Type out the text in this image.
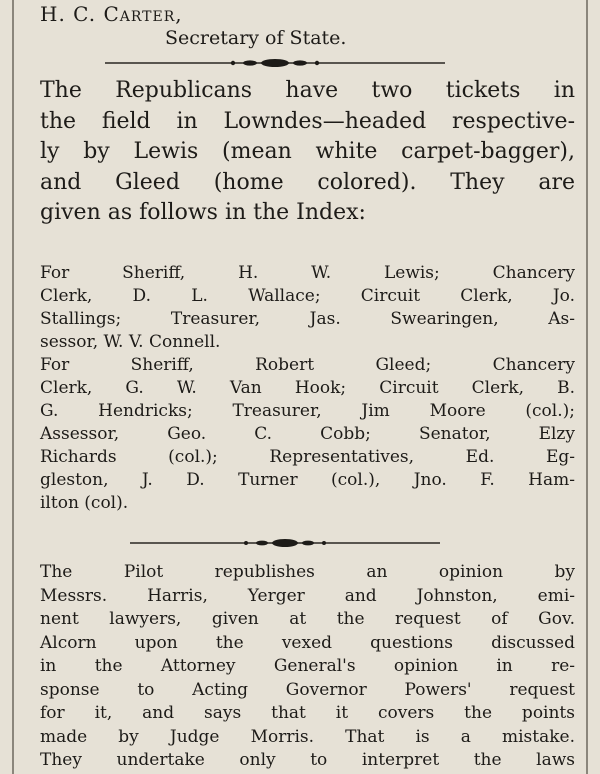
H. C. Carter,
Secretary of State.
The Republicans have two tickets in
the field in Lowndes—headed respective-
ly by Lewis (mean white carpet-bagger),
and Gleed (home colored). They are
given as follows in the Index:
For Sheriff, H. W. Lewis; Chancery
Clerk, D. L. Wallace; Circuit Clerk, Jo.
Stallings; Treasurer, Jas. Swearingen, As-
sessor, W. V. Connell.
For Sheriff, Robert Gleed; Chancery
Clerk, G. W. Van Hook; Circuit Clerk, B.
G. Hendricks; Treasurer, Jim Moore (col.);
Assessor, Geo. C. Cobb; Senator, Elzy
Richards (col.); Representatives, Ed. Eg-
gleston, J. D. Turner (col.), Jno. F. Ham-
ilton (col).
The Pilot republishes an opinion by
Messrs. Harris, Yerger and Johnston, emi-
nent lawyers, given at the request of Gov.
Alcorn upon the vexed questions discussed
in the Attorney General's opinion in re-
sponse to Acting Governor Powers' request
for it, and says that it covers the points
made by Judge Morris. That is a mistake.
They undertake only to interpret the laws
